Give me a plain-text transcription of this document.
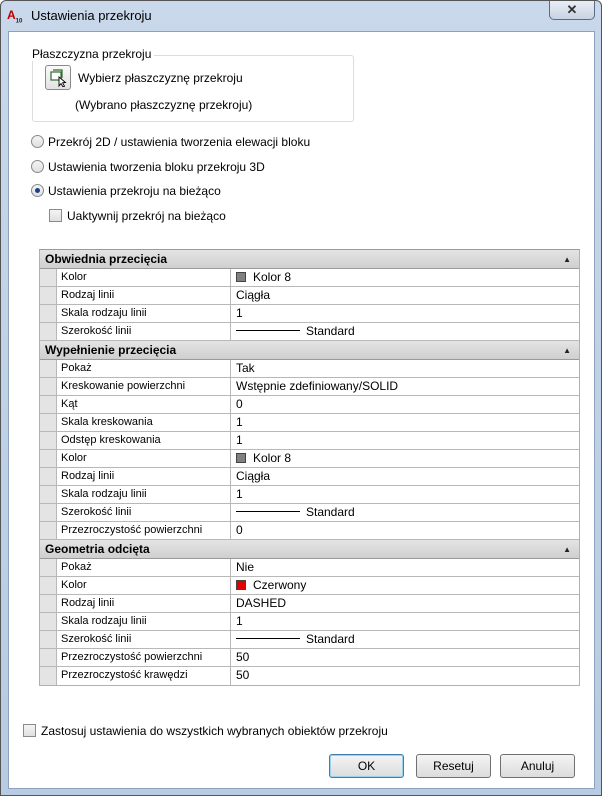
$A_{10}$ Ustawienia przekroju	✕
Płaszczyzna przekroju
Wybierz płaszczyznę przekroju
(Wybrano płaszczyznę przekroju)
Przekrój 2D / ustawienia tworzenia elewacji bloku
Ustawienia tworzenia bloku przekroju 3D
Ustawienia przekroju na bieżąco
Uaktywnij przekrój na bieżąco
Obwiednia przecięcia	▲
Kolor	Kolor 8
Rodzaj linii	Ciągła
Skala rodzaju linii	1
Szerokość linii	Standard
Wypełnienie przecięcia	▲
Pokaż	Tak
Kreskowanie powierzchni	Wstępnie zdefiniowany/SOLID
Kąt	0
Skala kreskowania	1
Odstęp kreskowania	1
Kolor	Kolor 8
Rodzaj linii	Ciągła
Skala rodzaju linii	1
Szerokość linii	Standard
Przezroczystość powierzchni	0
Geometria odcięta	▲
Pokaż	Nie
Kolor	Czerwony
Rodzaj linii	DASHED
Skala rodzaju linii	1
Szerokość linii	Standard
Przezroczystość powierzchni	50
Przezroczystość krawędzi	50
Zastosuj ustawienia do wszystkich wybranych obiektów przekroju
OK	Resetuj	Anuluj
